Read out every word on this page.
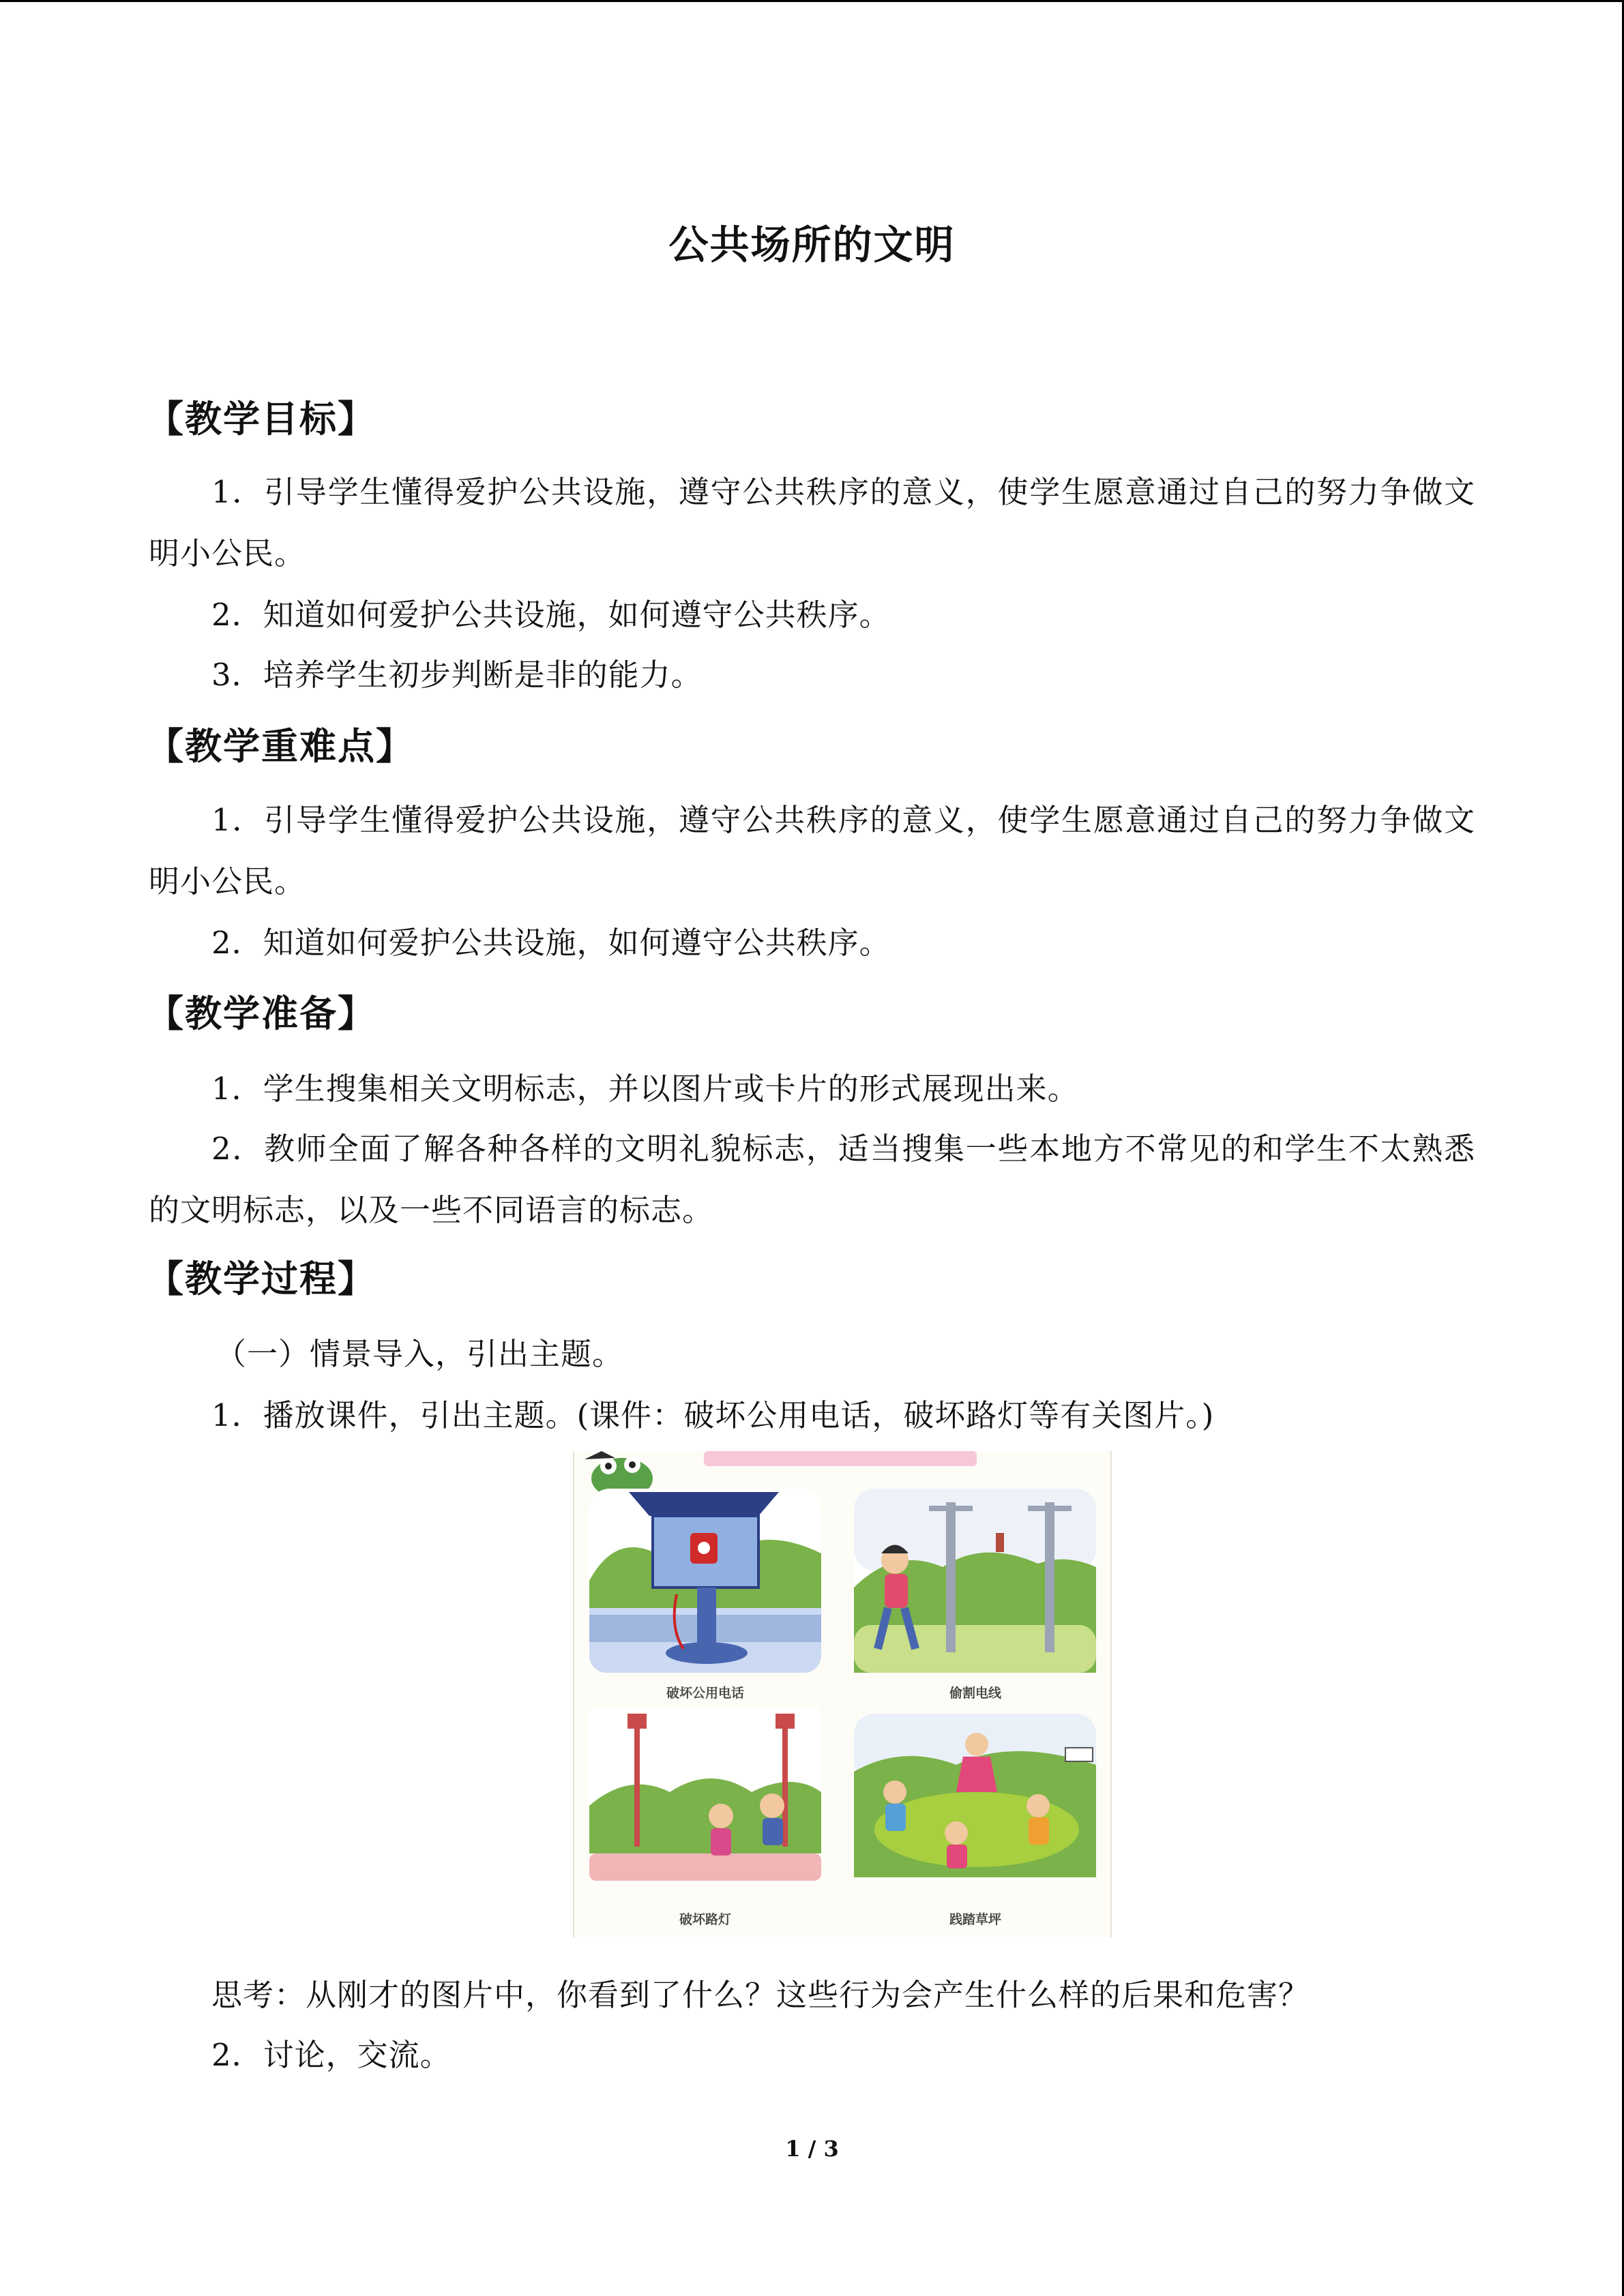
公共场所的文明
【教学目标】
1．引导学生懂得爱护公共设施，遵守公共秩序的意义，使学生愿意通过自己的努力争做文明小公民。
2．知道如何爱护公共设施，如何遵守公共秩序。
3．培养学生初步判断是非的能力。
【教学重难点】
1．引导学生懂得爱护公共设施，遵守公共秩序的意义，使学生愿意通过自己的努力争做文明小公民。
2．知道如何爱护公共设施，如何遵守公共秩序。
【教学准备】
1．学生搜集相关文明标志，并以图片或卡片的形式展现出来。
2．教师全面了解各种各样的文明礼貌标志，适当搜集一些本地方不常见的和学生不太熟悉的文明标志，以及一些不同语言的标志。
【教学过程】
（一）情景导入，引出主题。
1．播放课件，引出主题。(课件：破坏公用电话，破坏路灯等有关图片。)
破坏公用电话	偷割电线
破坏路灯	践踏草坪
思考：从刚才的图片中，你看到了什么？这些行为会产生什么样的后果和危害？
2．讨论，交流。
1 / 3
